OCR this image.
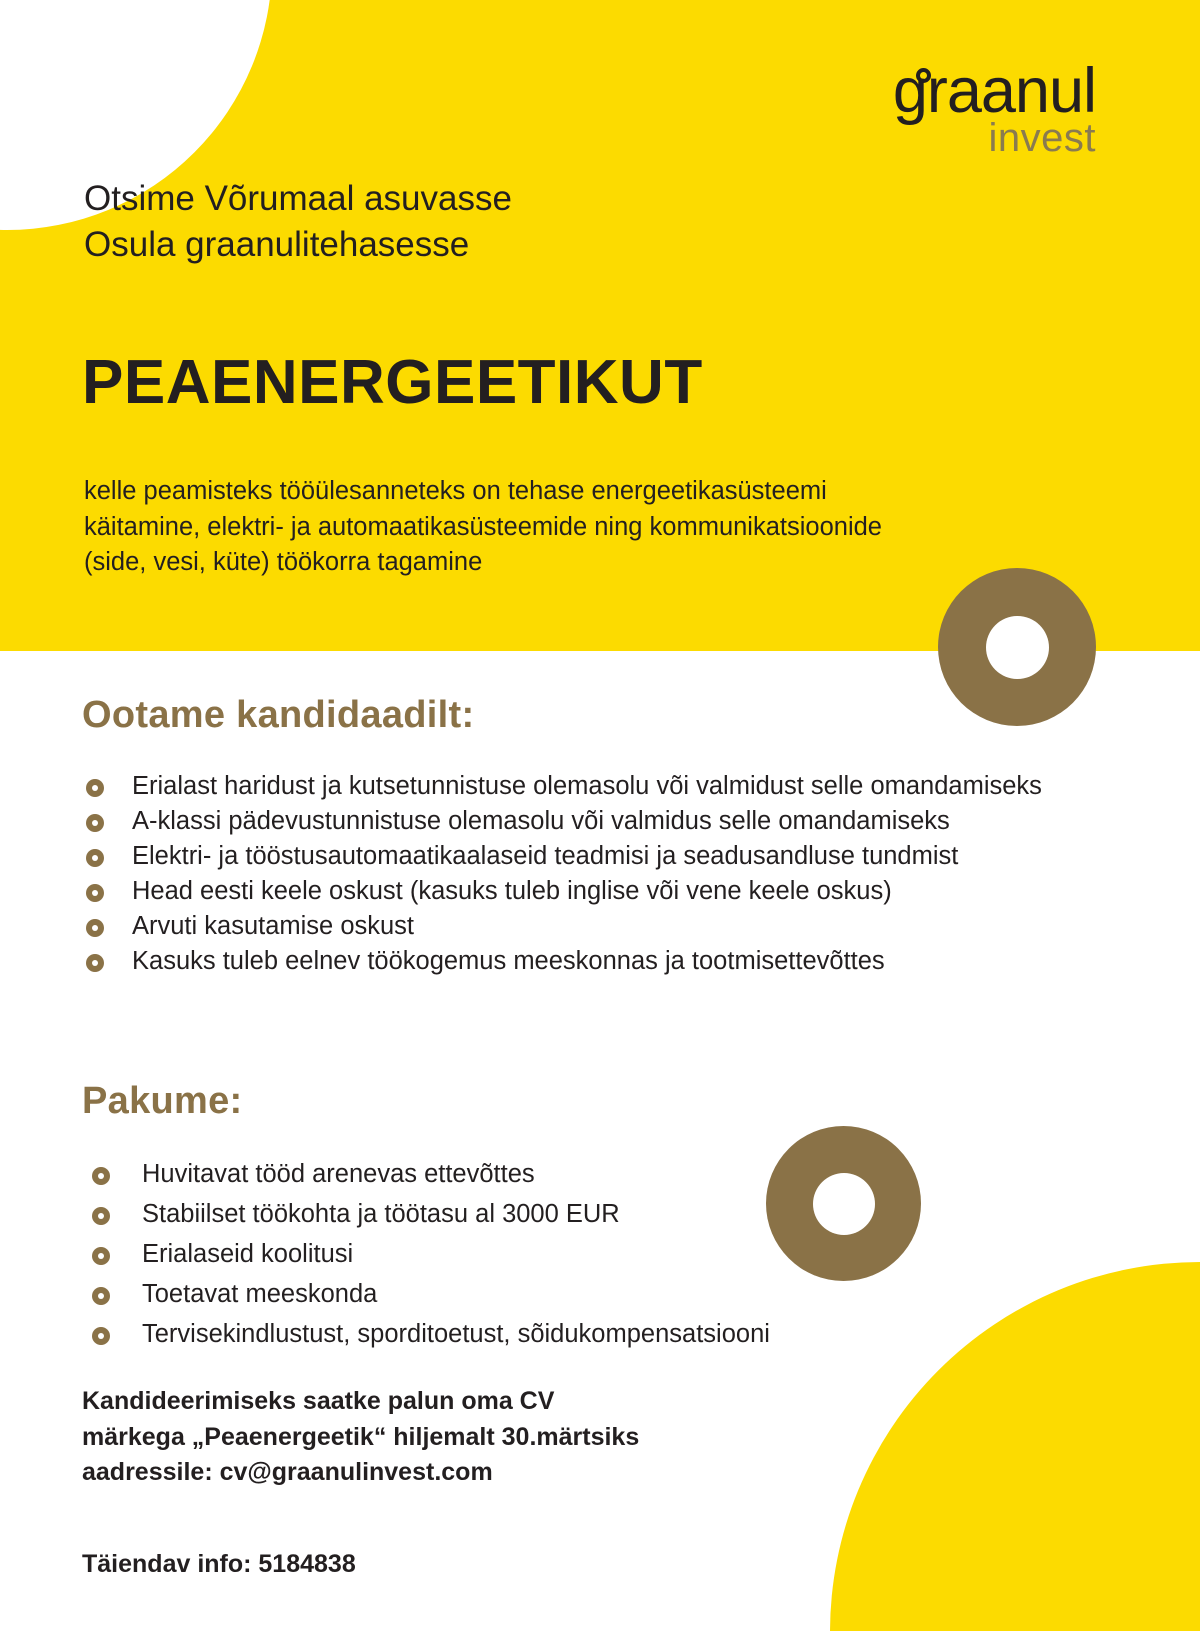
graanul
invest
Otsime Võrumaal asuvasse
Osula graanulitehasesse
PEAENERGEETIKUT
kelle peamisteks tööülesanneteks on tehase energeetikasüsteemi
käitamine, elektri- ja automaatikasüsteemide ning kommunikatsioonide
(side, vesi, küte) töökorra tagamine
Ootame kandidaadilt:
Erialast haridust ja kutsetunnistuse olemasolu või valmidust selle omandamiseks
A-klassi pädevustunnistuse olemasolu või valmidus selle omandamiseks
Elektri- ja tööstusautomaatikaalaseid teadmisi ja seadusandluse tundmist
Head eesti keele oskust (kasuks tuleb inglise või vene keele oskus)
Arvuti kasutamise oskust
Kasuks tuleb eelnev töökogemus meeskonnas ja tootmisettevõttes
Pakume:
Huvitavat tööd arenevas ettevõttes
Stabiilset töökohta ja töötasu al 3000 EUR
Erialaseid koolitusi
Toetavat meeskonda
Tervisekindlustust, sporditoetust, sõidukompensatsiooni
Kandideerimiseks saatke palun oma CV
märkega „Peaenergeetik“ hiljemalt 30.märtsiks
aadressile: cv@graanulinvest.com
Täiendav info: 5184838
